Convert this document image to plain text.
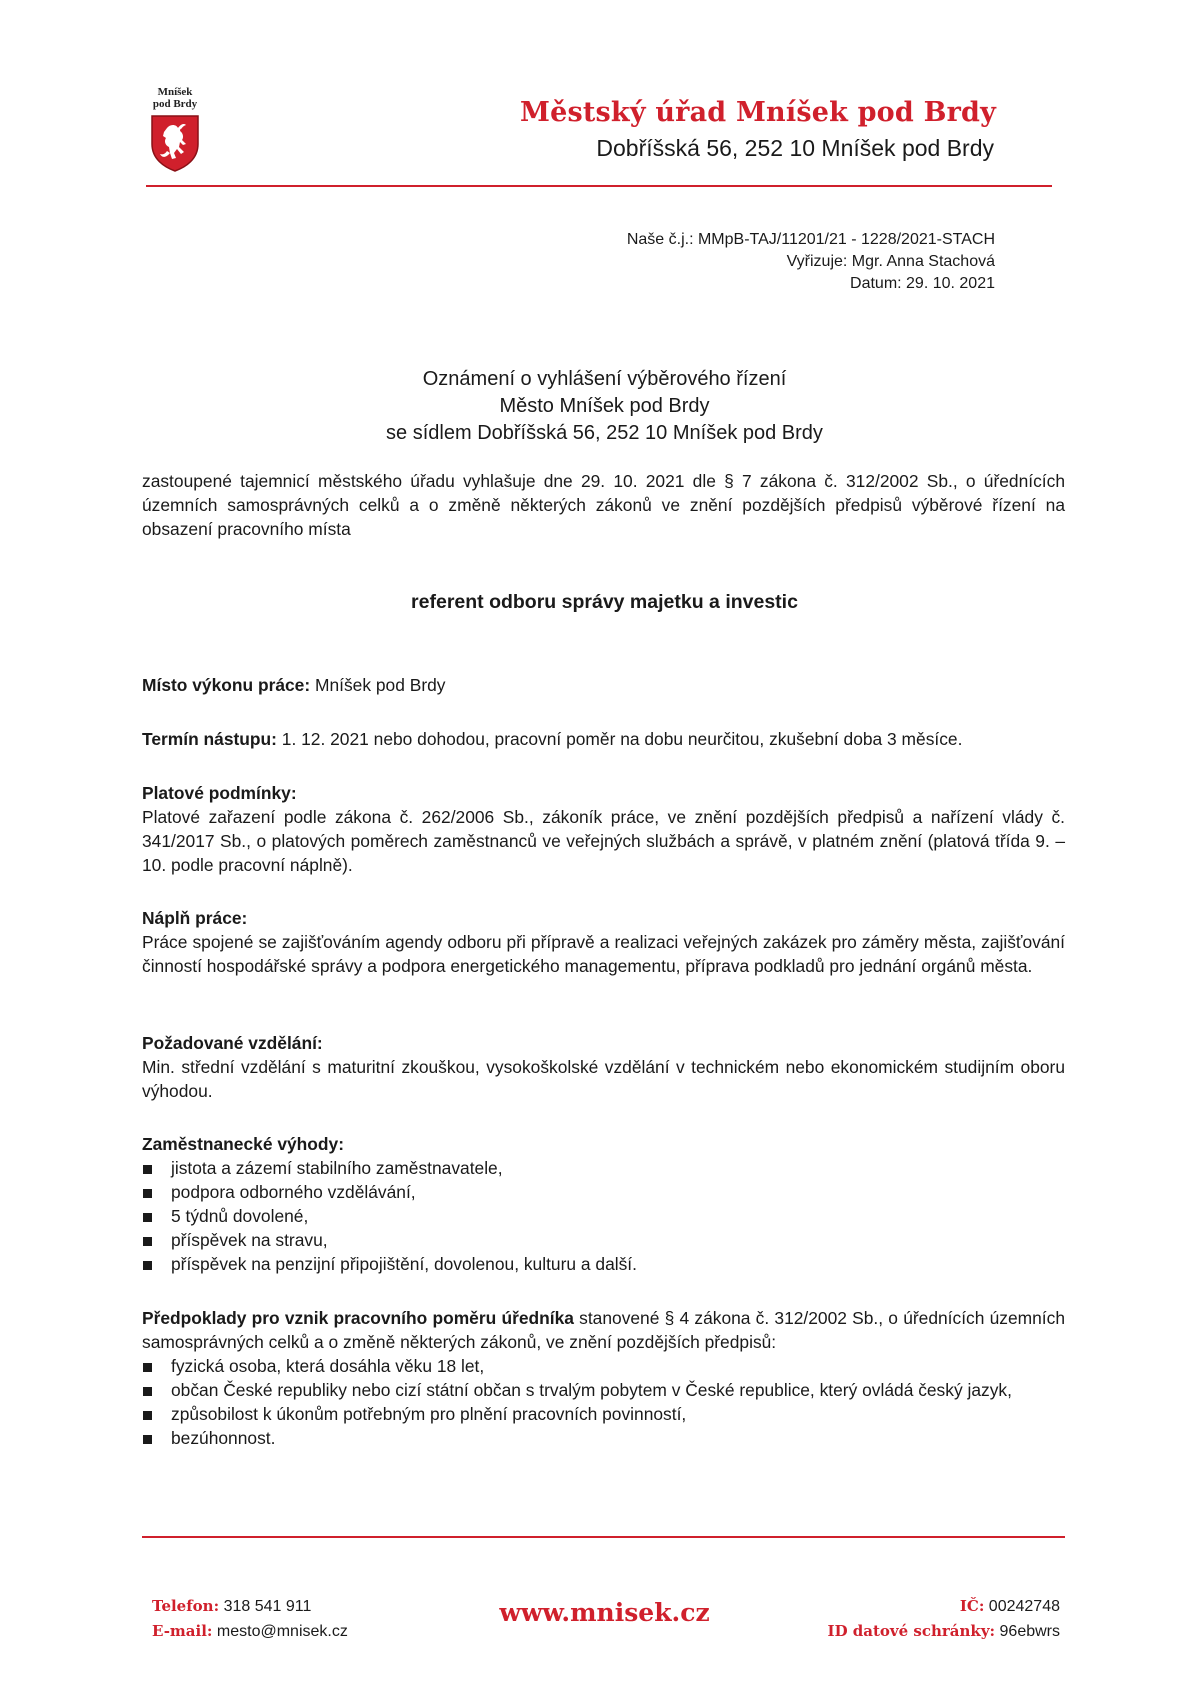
Mníšek
pod Brdy	Městský úřad Mníšek pod Brdy
Dobříšská 56, 252 10 Mníšek pod Brdy
Naše č.j.: MMpB-TAJ/11201/21 - 1228/2021-STACH
Vyřizuje: Mgr. Anna Stachová
Datum: 29. 10. 2021
Oznámení o vyhlášení výběrového řízení
Město Mníšek pod Brdy
se sídlem Dobříšská 56, 252 10 Mníšek pod Brdy
zastoupené tajemnicí městského úřadu vyhlašuje dne 29. 10. 2021 dle § 7 zákona č. 312/2002 Sb., o úřednících územních samosprávných celků a o změně některých zákonů ve znění pozdějších předpisů výběrové řízení na obsazení pracovního místa
referent odboru správy majetku a investic
Místo výkonu práce: Mníšek pod Brdy
Termín nástupu: 1. 12. 2021 nebo dohodou, pracovní poměr na dobu neurčitou, zkušební doba 3 měsíce.
Platové podmínky:
Platové zařazení podle zákona č. 262/2006 Sb., zákoník práce, ve znění pozdějších předpisů a nařízení vlády č. 341/2017 Sb., o platových poměrech zaměstnanců ve veřejných službách a správě, v platném znění (platová třída 9. – 10. podle pracovní náplně).
Náplň práce:
Práce spojené se zajišťováním agendy odboru při přípravě a realizaci veřejných zakázek pro záměry města, zajišťování činností hospodářské správy a podpora energetického managementu, příprava podkladů pro jednání orgánů města.
Požadované vzdělání:
Min. střední vzdělání s maturitní zkouškou, vysokoškolské vzdělání v technickém nebo ekonomickém studijním oboru výhodou.
Zaměstnanecké výhody:
jistota a zázemí stabilního zaměstnavatele,
podpora odborného vzdělávání,
5 týdnů dovolené,
příspěvek na stravu,
příspěvek na penzijní připojištění, dovolenou, kulturu a další.
Předpoklady pro vznik pracovního poměru úředníka stanovené § 4 zákona č. 312/2002 Sb., o úřednících územních samosprávných celků a o změně některých zákonů, ve znění pozdějších předpisů:
fyzická osoba, která dosáhla věku 18 let,
občan České republiky nebo cizí státní občan s trvalým pobytem v České republice, který ovládá český jazyk,
způsobilost k úkonům potřebným pro plnění pracovních povinností,
bezúhonnost.
Telefon: 318 541 911
E-mail: mesto@mnisek.cz
www.mnisek.cz	IČ: 00242748
ID datové schránky: 96ebwrs
